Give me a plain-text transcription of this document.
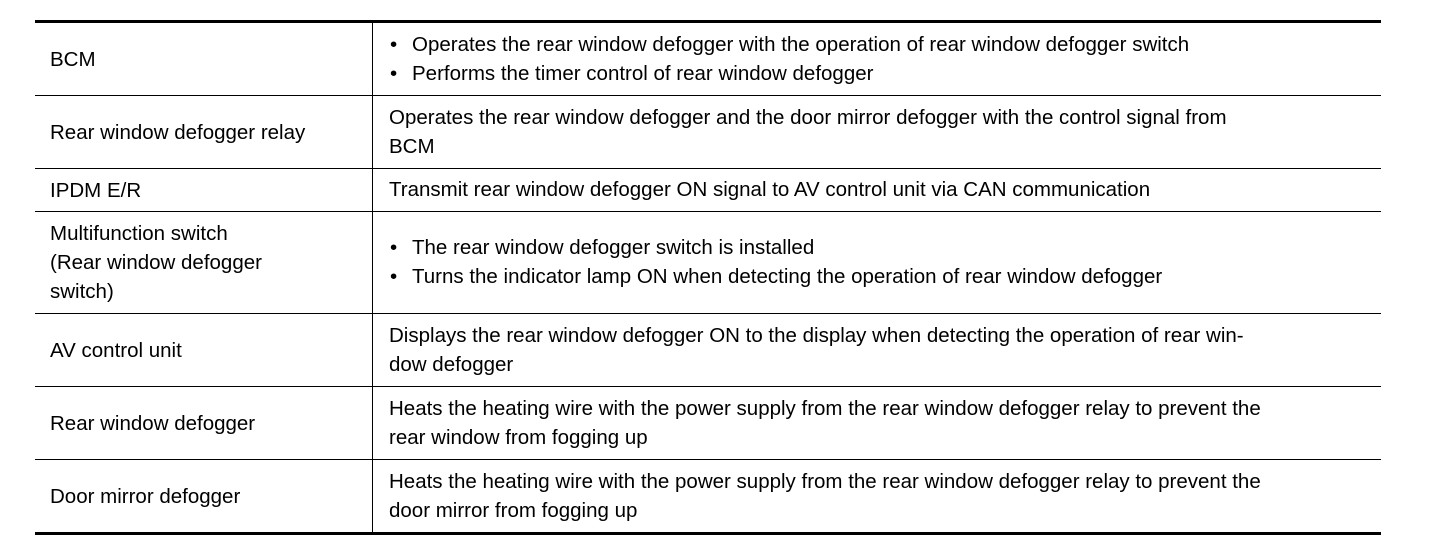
BCM
• Operates the rear window defogger with the operation of rear window defogger switch
• Performs the timer control of rear window defogger
Rear window defogger relay
Operates the rear window defogger and the door mirror defogger with the control signal from
BCM
IPDM E/R	Transmit rear window defogger ON signal to AV control unit via CAN communication
Multifunction switch
(Rear window defogger
switch)
• The rear window defogger switch is installed
• Turns the indicator lamp ON when detecting the operation of rear window defogger
AV control unit
Displays the rear window defogger ON to the display when detecting the operation of rear win-
dow defogger
Rear window defogger
Heats the heating wire with the power supply from the rear window defogger relay to prevent the
rear window from fogging up
Door mirror defogger
Heats the heating wire with the power supply from the rear window defogger relay to prevent the
door mirror from fogging up
